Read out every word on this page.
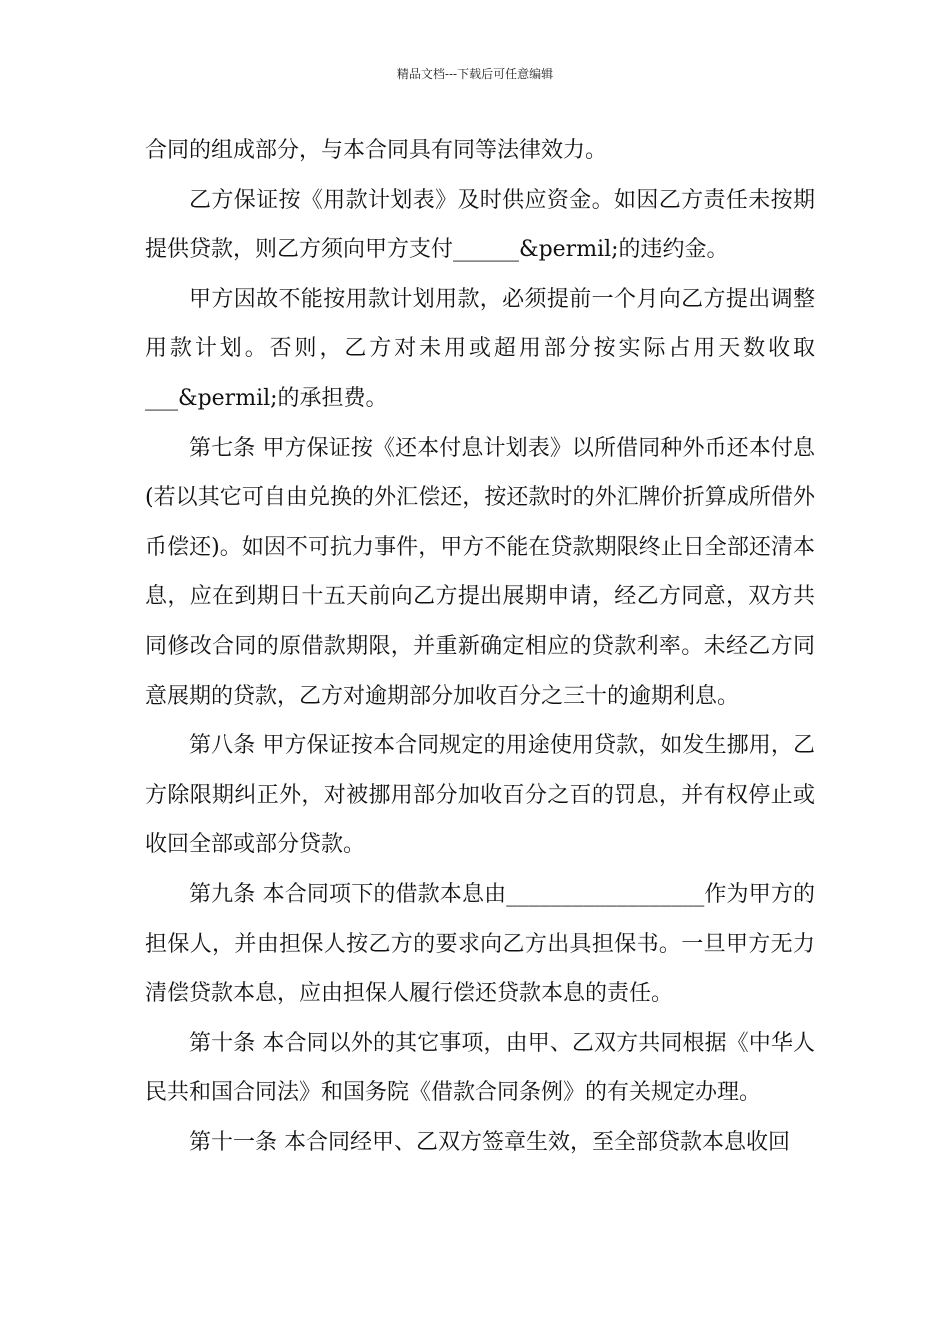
精品文档---下载后可任意编辑

合同的组成部分，与本合同具有同等法律效力。

乙方保证按《用款计划表》及时供应资金。如因乙方责任未按期提供贷款，则乙方须向甲方支付______&permil;的违约金。

甲方因故不能按用款计划用款，必须提前一个月向乙方提出调整用款计划。否则，乙方对未用或超用部分按实际占用天数收取___&permil;的承担费。

第七条 甲方保证按《还本付息计划表》以所借同种外币还本付息(若以其它可自由兑换的外汇偿还，按还款时的外汇牌价折算成所借外币偿还)。如因不可抗力事件，甲方不能在贷款期限终止日全部还清本息，应在到期日十五天前向乙方提出展期申请，经乙方同意，双方共同修改合同的原借款期限，并重新确定相应的贷款利率。未经乙方同意展期的贷款，乙方对逾期部分加收百分之三十的逾期利息。

第八条 甲方保证按本合同规定的用途使用贷款，如发生挪用，乙方除限期纠正外，对被挪用部分加收百分之百的罚息，并有权停止或收回全部或部分贷款。

第九条 本合同项下的借款本息由__________________作为甲方的担保人，并由担保人按乙方的要求向乙方出具担保书。一旦甲方无力清偿贷款本息，应由担保人履行偿还贷款本息的责任。

第十条 本合同以外的其它事项，由甲、乙双方共同根据《中华人民共和国合同法》和国务院《借款合同条例》的有关规定办理。

第十一条 本合同经甲、乙双方签章生效，至全部贷款本息收回
